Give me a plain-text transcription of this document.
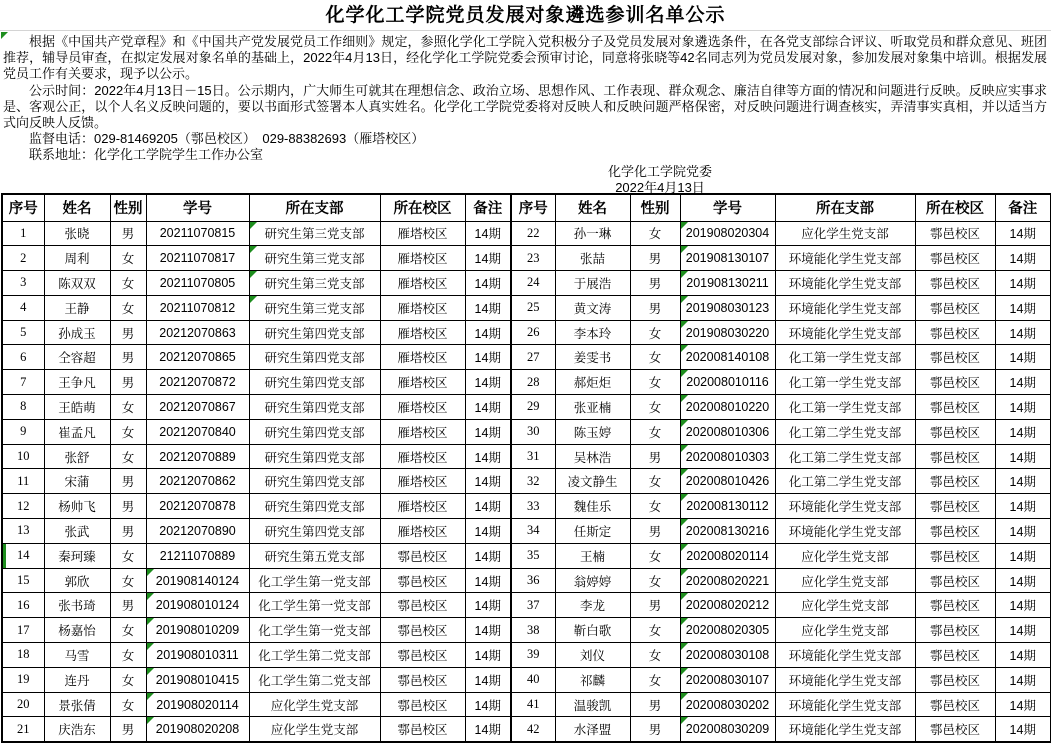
化学化工学院党员发展对象遴选参训名单公示

根据《中国共产党章程》和《中国共产党发展党员工作细则》规定，参照化学化工学院入党积极分子及党员发展对象遴选条件，在各党支部综合评议、听取党员和群众意见、班团推荐，辅导员审查，在拟定发展对象名单的基础上，2022年4月13日，经化学化工学院党委会预审讨论，同意将张晓等42名同志列为党员发展对象，参加发展对象集中培训。根据发展党员工作有关要求，现予以公示。

公示时间：2022年4月13日－15日。公示期内，广大师生可就其在理想信念、政治立场、思想作风、工作表现、群众观念、廉洁自律等方面的情况和问题进行反映。反映应实事求是、客观公正，以个人名义反映问题的，要以书面形式签署本人真实姓名。化学化工学院党委将对反映人和反映问题严格保密，对反映问题进行调查核实，弄清事实真相，并以适当方式向反映人反馈。

监督电话：029-81469205（鄠邑校区）　029-88382693（雁塔校区）

联系地址：化学化工学院学生工作办公室

化学化工学院党委
2022年4月13日
序号	姓名	性别	学号	所在支部	所在校区	备注	序号	姓名	性别	学号	所在支部	所在校区	备注
1	张晓	男	20211070815	研究生第三党支部	雁塔校区	14期	22	孙一琳	女	201908020304	应化学生党支部	鄠邑校区	14期
2	周利	女	20211070817	研究生第三党支部	雁塔校区	14期	23	张喆	男	201908130107	环境能化学生党支部	鄠邑校区	14期
3	陈双双	女	20211070805	研究生第三党支部	雁塔校区	14期	24	于展浩	男	201908130211	环境能化学生党支部	鄠邑校区	14期
4	王静	女	20211070812	研究生第三党支部	雁塔校区	14期	25	黄文涛	男	201908030123	环境能化学生党支部	鄠邑校区	14期
5	孙成玉	男	20212070863	研究生第四党支部	雁塔校区	14期	26	李本玲	女	201908030220	环境能化学生党支部	鄠邑校区	14期
6	仝容超	男	20212070865	研究生第四党支部	雁塔校区	14期	27	姜雯书	女	202008140108	化工第一学生党支部	鄠邑校区	14期
7	王争凡	男	20212070872	研究生第四党支部	雁塔校区	14期	28	郝炬炬	女	202008010116	化工第一学生党支部	鄠邑校区	14期
8	王皓萌	女	20212070867	研究生第四党支部	雁塔校区	14期	29	张亚楠	女	202008010220	化工第一学生党支部	鄠邑校区	14期
9	崔孟凡	女	20212070840	研究生第四党支部	雁塔校区	14期	30	陈玉婷	女	202008010306	化工第二学生党支部	鄠邑校区	14期
10	张舒	女	20212070889	研究生第四党支部	雁塔校区	14期	31	吴林浩	男	202008010303	化工第二学生党支部	鄠邑校区	14期
11	宋蒲	男	20212070862	研究生第四党支部	雁塔校区	14期	32	凌文静生	女	202008010426	化工第二学生党支部	鄠邑校区	14期
12	杨帅飞	男	20212070878	研究生第四党支部	雁塔校区	14期	33	魏佳乐	女	202008130112	环境能化学生党支部	鄠邑校区	14期
13	张武	男	20212070890	研究生第四党支部	雁塔校区	14期	34	任斯定	男	202008130216	环境能化学生党支部	鄠邑校区	14期
14	秦珂臻	女	21211070889	研究生第五党支部	鄠邑校区	14期	35	王楠	女	202008020114	应化学生党支部	鄠邑校区	14期
15	郭欣	女	201908140124	化工学生第一党支部	鄠邑校区	14期	36	翁婷婷	女	202008020221	应化学生党支部	鄠邑校区	14期
16	张书琦	男	201908010124	化工学生第一党支部	鄠邑校区	14期	37	李龙	男	202008020212	应化学生党支部	鄠邑校区	14期
17	杨嘉怡	女	201908010209	化工学生第一党支部	鄠邑校区	14期	38	靳白歌	女	202008020305	应化学生党支部	鄠邑校区	14期
18	马雪	女	201908010311	化工学生第二党支部	鄠邑校区	14期	39	刘仪	女	202008030108	环境能化学生党支部	鄠邑校区	14期
19	连丹	女	201908010415	化工学生第二党支部	鄠邑校区	14期	40	祁麟	女	202008030107	环境能化学生党支部	鄠邑校区	14期
20	景张倩	女	201908020114	应化学生党支部	鄠邑校区	14期	41	温骏凯	男	202008030202	环境能化学生党支部	鄠邑校区	14期
21	庆浩东	男	201908020208	应化学生党支部	鄠邑校区	14期	42	水泽盟	男	202008030209	环境能化学生党支部	鄠邑校区	14期
